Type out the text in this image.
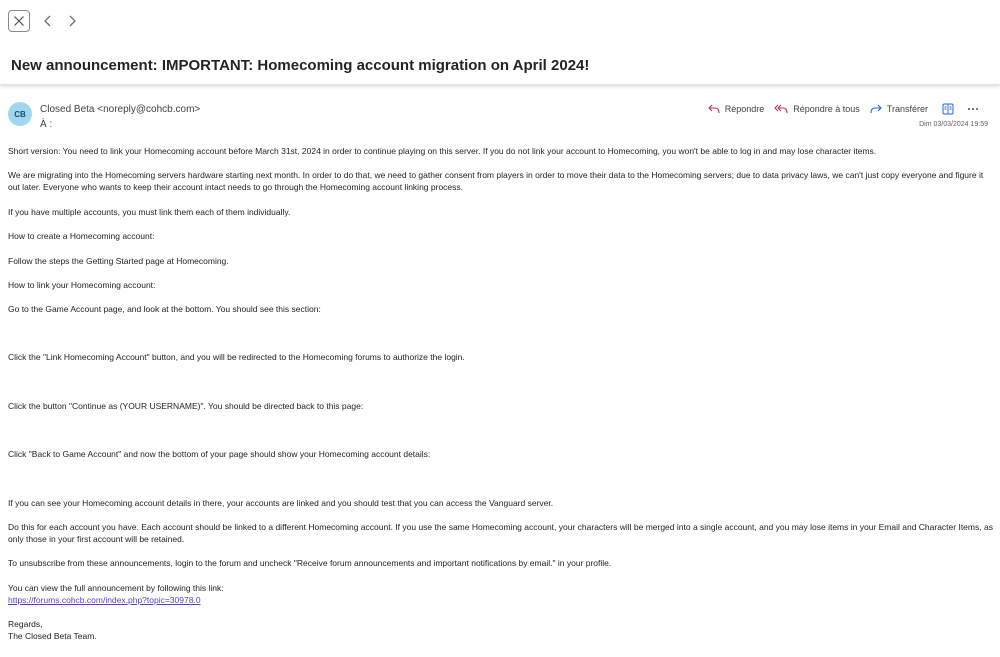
New announcement: IMPORTANT: Homecoming account migration on April 2024!
CB	Closed Beta <noreply@cohcb.com>
À :
Répondre	Répondre à tous	Transférer
Dim 03/03/2024 19:59

Short version: You need to link your Homecoming account before March 31st, 2024 in order to continue playing on this server. If you do not link your account to Homecoming, you won't be able to log in and may lose character items.

We are migrating into the Homecoming servers hardware starting next month. In order to do that, we need to gather consent from players in order to move their data to the Homecoming servers; due to data privacy laws, we can't just copy everyone and figure it out later. Everyone who wants to keep their account intact needs to go through the Homecoming account linking process.

If you have multiple accounts, you must link them each of them individually.

How to create a Homecoming account:

Follow the steps the Getting Started page at Homecoming.

How to link your Homecoming account:

Go to the Game Account page, and look at the bottom. You should see this section:

Click the "Link Homecoming Account" button, and you will be redirected to the Homecoming forums to authorize the login.

Click the button "Continue as (YOUR USERNAME)". You should be directed back to this page:

Click "Back to Game Account" and now the bottom of your page should show your Homecoming account details:

If you can see your Homecoming account details in there, your accounts are linked and you should test that you can access the Vanguard server.

Do this for each account you have. Each account should be linked to a different Homecoming account. If you use the same Homecoming account, your characters will be merged into a single account, and you may lose items in your Email and Character Items, as only those in your first account will be retained.

To unsubscribe from these announcements, login to the forum and uncheck "Receive forum announcements and important notifications by email." in your profile.

You can view the full announcement by following this link:
https://forums.cohcb.com/index.php?topic=30978.0

Regards,
The Closed Beta Team.
